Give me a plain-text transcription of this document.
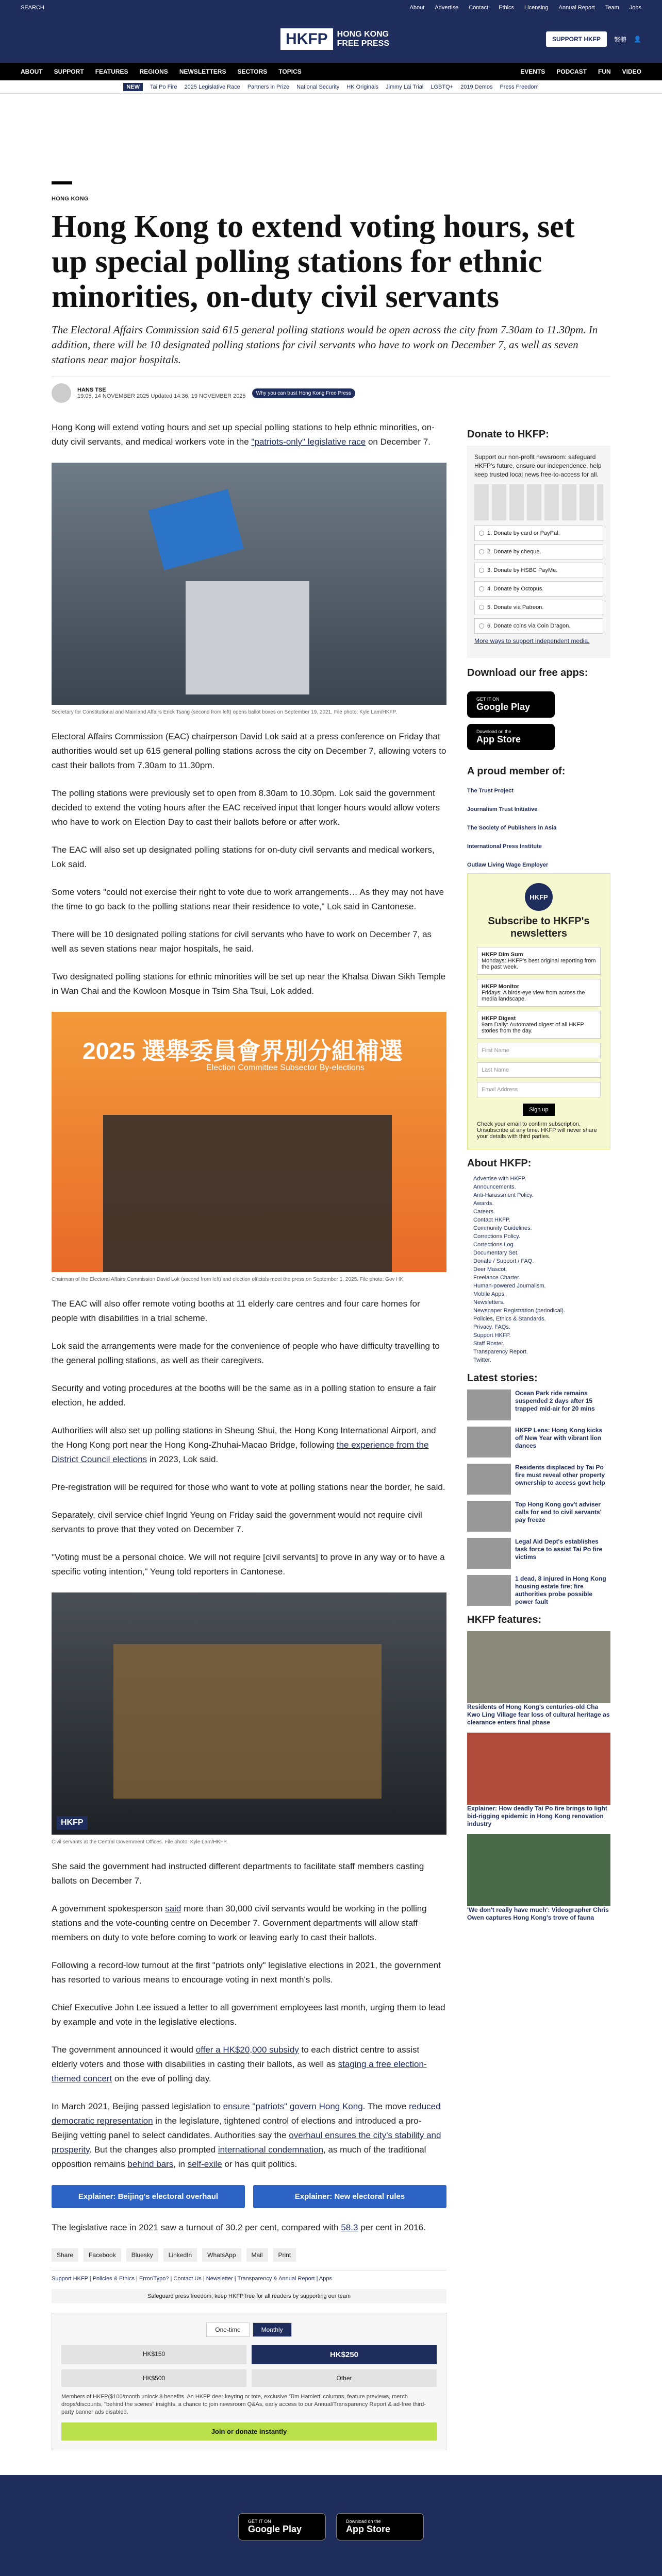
SEARCH	About Advertise Contact Ethics Licensing Annual Report Team Jobs
HKFP	HONG KONG
FREE PRESS	SUPPORT HKFP	繁體 👤
ABOUT SUPPORT FEATURES REGIONS NEWSLETTERS SECTORS TOPICS	EVENTS PODCAST FUN VIDEO
NEW	Tai Po Fire 2025 Legislative Race Partners in Prize National Security HK Originals Jimmy Lai Trial LGBTQ+ 2019 Demos Press Freedom
HONG KONG
Hong Kong to extend voting hours, set up special polling stations for ethnic minorities, on-duty civil servants

The Electoral Affairs Commission said 615 general polling stations would be open across the city from 7.30am to 11.30pm. In addition, there will be 10 designated polling stations for civil servants who have to work on December 7, as well as seven stations near major hospitals.

HANS TSE
19:05, 14 NOVEMBER 2025 Updated 14:36, 19 NOVEMBER 2025	Why you can trust Hong Kong Free Press

Hong Kong will extend voting hours and set up special polling stations to help ethnic minorities, on-duty civil servants, and medical workers vote in the "patriots-only" legislative race on December 7.

Secretary for Constitutional and Mainland Affairs Erick Tsang (second from left) opens ballot boxes on September 19, 2021. File photo: Kyle Lam/HKFP.

Electoral Affairs Commission (EAC) chairperson David Lok said at a press conference on Friday that authorities would set up 615 general polling stations across the city on December 7, allowing voters to cast their ballots from 7.30am to 11.30pm.

The polling stations were previously set to open from 8.30am to 10.30pm. Lok said the government decided to extend the voting hours after the EAC received input that longer hours would allow voters who have to work on Election Day to cast their ballots before or after work.

The EAC will also set up designated polling stations for on-duty civil servants and medical workers, Lok said.

Some voters "could not exercise their right to vote due to work arrangements… As they may not have the time to go back to the polling stations near their residence to vote," Lok said in Cantonese.

There will be 10 designated polling stations for civil servants who have to work on December 7, as well as seven stations near major hospitals, he said.

Two designated polling stations for ethnic minorities will be set up near the Khalsa Diwan Sikh Temple in Wan Chai and the Kowloon Mosque in Tsim Sha Tsui, Lok added.

2025 選舉委員會界別分組補選
Election Committee Subsector By-elections
Chairman of the Electoral Affairs Commission David Lok (second from left) and election officials meet the press on September 1, 2025. File photo: Gov HK.

The EAC will also offer remote voting booths at 11 elderly care centres and four care homes for people with disabilities in a trial scheme.

Lok said the arrangements were made for the convenience of people who have difficulty travelling to the general polling stations, as well as their caregivers.

Security and voting procedures at the booths will be the same as in a polling station to ensure a fair election, he added.

Authorities will also set up polling stations in Sheung Shui, the Hong Kong International Airport, and the Hong Kong port near the Hong Kong-Zhuhai-Macao Bridge, following the experience from the District Council elections in 2023, Lok said.

Pre-registration will be required for those who want to vote at polling stations near the border, he said.

Separately, civil service chief Ingrid Yeung on Friday said the government would not require civil servants to prove that they voted on December 7.

"Voting must be a personal choice. We will not require [civil servants] to prove in any way or to have a specific voting intention," Yeung told reporters in Cantonese.

HKFP
Civil servants at the Central Government Offices. File photo: Kyle Lam/HKFP.

She said the government had instructed different departments to facilitate staff members casting ballots on December 7.

A government spokesperson said more than 30,000 civil servants would be working in the polling stations and the vote-counting centre on December 7. Government departments will allow staff members on duty to vote before coming to work or leaving early to cast their ballots.

Following a record-low turnout at the first "patriots only" legislative elections in 2021, the government has resorted to various means to encourage voting in next month's polls.

Chief Executive John Lee issued a letter to all government employees last month, urging them to lead by example and vote in the legislative elections.

The government announced it would offer a HK$20,000 subsidy to each district centre to assist elderly voters and those with disabilities in casting their ballots, as well as staging a free election-themed concert on the eve of polling day.

In March 2021, Beijing passed legislation to ensure "patriots" govern Hong Kong. The move reduced democratic representation in the legislature, tightened control of elections and introduced a pro-Beijing vetting panel to select candidates. Authorities say the overhaul ensures the city's stability and prosperity. But the changes also prompted international condemnation, as much of the traditional opposition remains behind bars, in self-exile or has quit politics.

Explainer: Beijing's electoral overhaul	Explainer: New electoral rules

The legislative race in 2021 saw a turnout of 30.2 per cent, compared with 58.3 per cent in 2016.

Share	Facebook	Bluesky	LinkedIn	WhatsApp	Mail	Print
Support HKFP | Policies & Ethics | Error/Typo? | Contact Us | Newsletter | Transparency & Annual Report | Apps
Safeguard press freedom; keep HKFP free for all readers by supporting our team
One-time	Monthly
HK$150	HK$250
HK$500	Other
Members of HKFP($100/month unlock 8 benefits. An HKFP deer keyring or tote, exclusive 'Tim Hamlett' columns, feature previews, merch drops/discounts, "behind the scenes" insights, a chance to join newsroom Q&As, early access to our Annual/Transparency Report & ad-free third-party banner ads disabled.
Join or donate instantly
Donate to HKFP:

Support our non-profit newsroom: safeguard HKFP's future, ensure our independence, help keep trusted local news free-to-access for all.

1. Donate by card or PayPal.
2. Donate by cheque.
3. Donate by HSBC PayMe.
4. Donate by Octopus.
5. Donate via Patreon.
6. Donate coins via Coin Dragon.

More ways to support independent media.

Download our free apps:
GET IT ON
Google Play
Download on the
App Store
A proud member of:
The Trust Project
Journalism Trust Initiative
The Society of Publishers in Asia
International Press Institute
Outlaw Living Wage Employer
HKFP
Subscribe to HKFP's newsletters
HKFP Dim Sum
Mondays: HKFP's best original reporting from the past week.
HKFP Monitor
Fridays: A birds-eye view from across the media landscape.
HKFP Digest
9am Daily: Automated digest of all HKFP stories from the day.
First Name
Last Name
Email Address
Sign up
Check your email to confirm subscription. Unsubscribe at any time. HKFP will never share your details with third parties.
About HKFP:
Advertise with HKFP.
Announcements.
Anti-Harassment Policy.
Awards.
Careers.
Contact HKFP.
Community Guidelines.
Corrections Policy.
Corrections Log.
Documentary Set.
Donate / Support / FAQ.
Deer Mascot.
Freelance Charter.
Human-powered Journalism.
Mobile Apps.
Newsletters.
Newspaper Registration (periodical).
Policies, Ethics & Standards.
Privacy, FAQs.
Support HKFP.
Staff Roster.
Transparency Report.
Twitter.
Latest stories:
Ocean Park ride remains suspended 2 days after 15 trapped mid-air for 20 mins
HKFP Lens: Hong Kong kicks off New Year with vibrant lion dances
Residents displaced by Tai Po fire must reveal other property ownership to access govt help
Top Hong Kong gov't adviser calls for end to civil servants' pay freeze
Legal Aid Dept's establishes task force to assist Tai Po fire victims
1 dead, 8 injured in Hong Kong housing estate fire; fire authorities probe possible power fault
HKFP features:
Residents of Hong Kong's centuries-old Cha Kwo Ling Village fear loss of cultural heritage as clearance enters final phase
Explainer: How deadly Tai Po fire brings to light bid-rigging epidemic in Hong Kong renovation industry
'We don't really have much': Videographer Chris Owen captures Hong Kong's trove of fauna
GET IT ON
Google Play
Download on the
App Store
